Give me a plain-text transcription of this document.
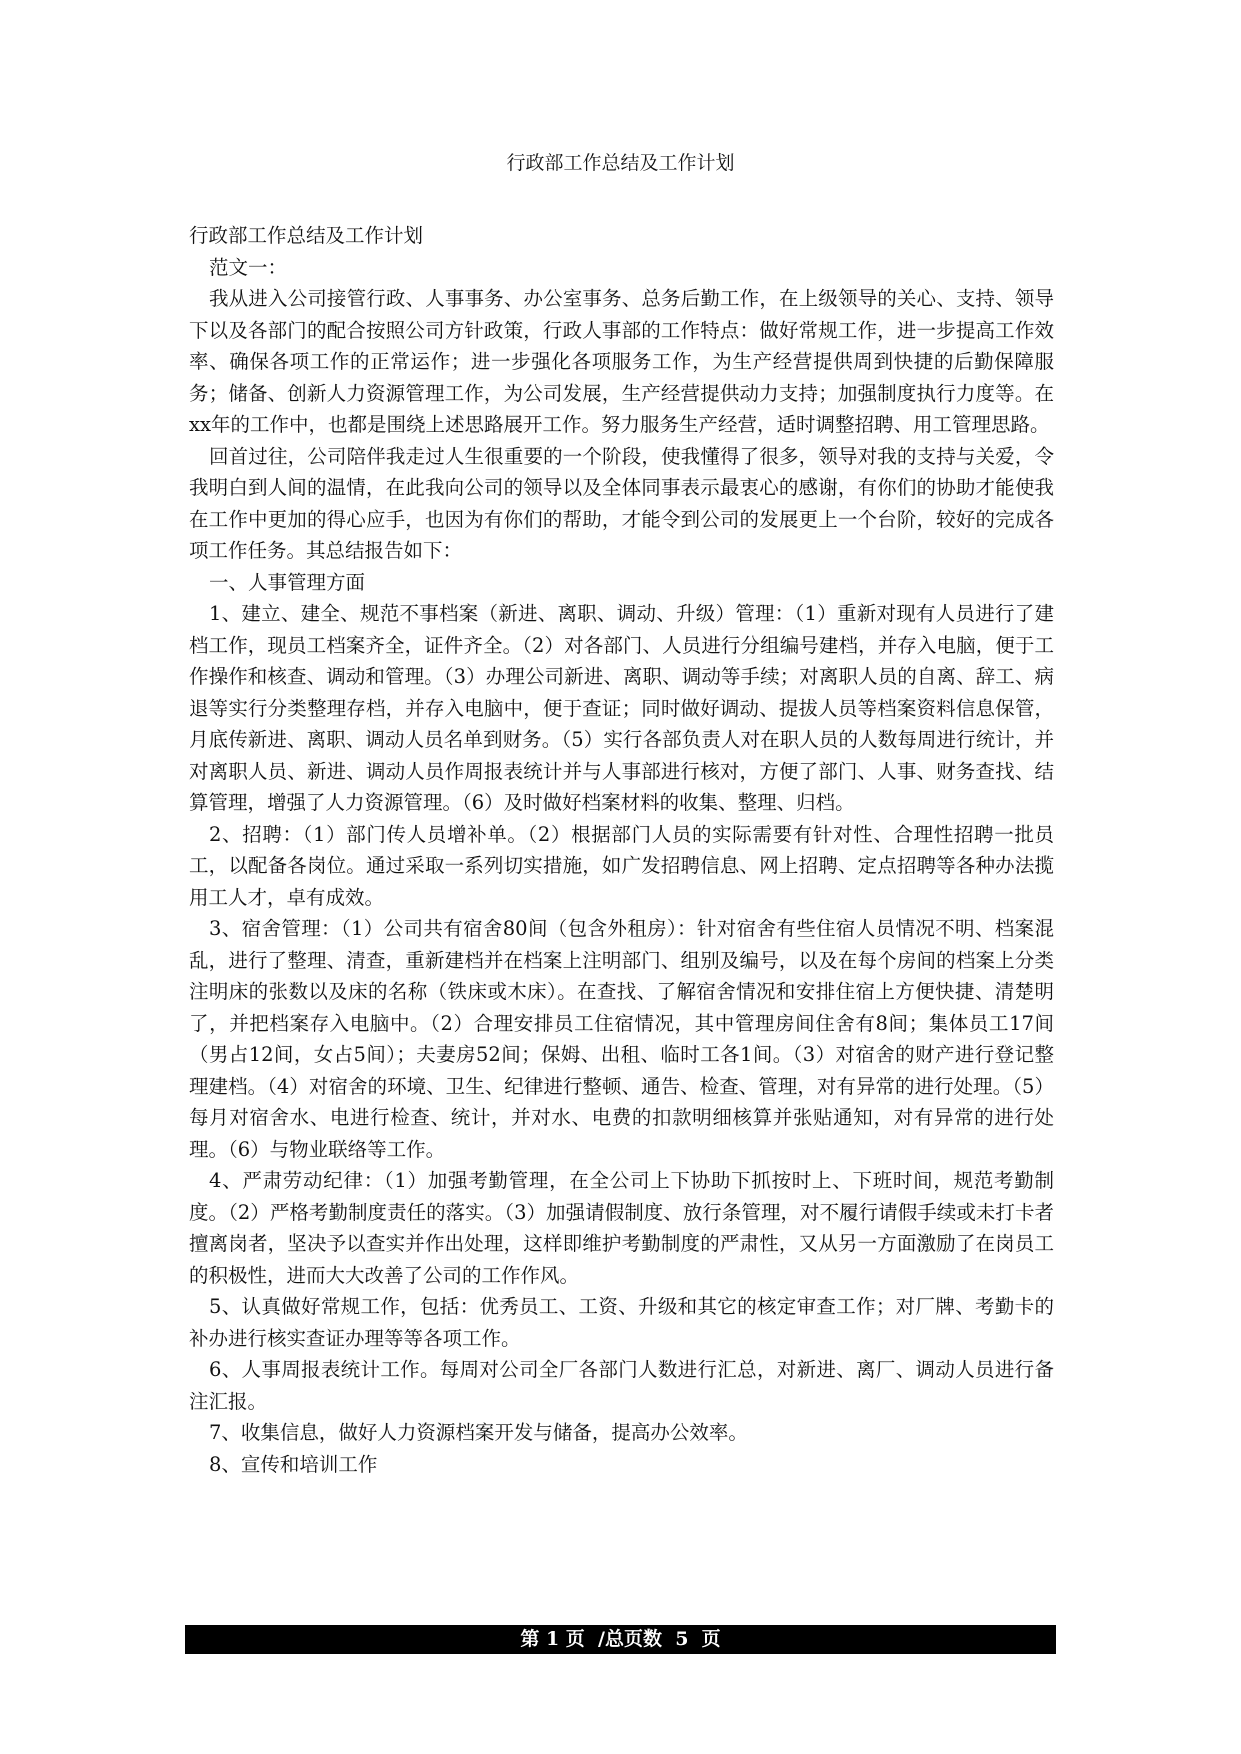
行政部工作总结及工作计划

行政部工作总结及工作计划

范文一：

我从进入公司接管行政、人事事务、办公室事务、总务后勤工作，在上级领导的关心、支持、领导下以及各部门的配合按照公司方针政策，行政人事部的工作特点：做好常规工作，进一步提高工作效率、确保各项工作的正常运作；进一步强化各项服务工作，为生产经营提供周到快捷的后勤保障服务；储备、创新人力资源管理工作，为公司发展，生产经营提供动力支持；加强制度执行力度等。在xx年的工作中，也都是围绕上述思路展开工作。努力服务生产经营，适时调整招聘、用工管理思路。

回首过往，公司陪伴我走过人生很重要的一个阶段，使我懂得了很多，领导对我的支持与关爱，令我明白到人间的温情，在此我向公司的领导以及全体同事表示最衷心的感谢，有你们的协助才能使我在工作中更加的得心应手，也因为有你们的帮助，才能令到公司的发展更上一个台阶，较好的完成各项工作任务。其总结报告如下：

一、人事管理方面

1、建立、建全、规范不事档案（新进、离职、调动、升级）管理：（1）重新对现有人员进行了建档工作，现员工档案齐全，证件齐全。（2）对各部门、人员进行分组编号建档，并存入电脑，便于工作操作和核查、调动和管理。（3）办理公司新进、离职、调动等手续；对离职人员的自离、辞工、病退等实行分类整理存档，并存入电脑中，便于查证；同时做好调动、提拔人员等档案资料信息保管，月底传新进、离职、调动人员名单到财务。（5）实行各部负责人对在职人员的人数每周进行统计，并对离职人员、新进、调动人员作周报表统计并与人事部进行核对，方便了部门、人事、财务查找、结算管理，增强了人力资源管理。（6）及时做好档案材料的收集、整理、归档。

2、招聘：（1）部门传人员增补单。（2）根据部门人员的实际需要有针对性、合理性招聘一批员工，以配备各岗位。通过采取一系列切实措施，如广发招聘信息、网上招聘、定点招聘等各种办法揽用工人才，卓有成效。

3、宿舍管理：（1）公司共有宿舍80间（包含外租房）：针对宿舍有些住宿人员情况不明、档案混乱，进行了整理、清查，重新建档并在档案上注明部门、组别及编号，以及在每个房间的档案上分类注明床的张数以及床的名称（铁床或木床）。在查找、了解宿舍情况和安排住宿上方便快捷、清楚明了，并把档案存入电脑中。（2）合理安排员工住宿情况，其中管理房间住舍有8间；集体员工17间（男占12间，女占5间）；夫妻房52间；保姆、出租、临时工各1间。（3）对宿舍的财产进行登记整理建档。（4）对宿舍的环境、卫生、纪律进行整顿、通告、检查、管理，对有异常的进行处理。（5）每月对宿舍水、电进行检查、统计，并对水、电费的扣款明细核算并张贴通知，对有异常的进行处理。（6）与物业联络等工作。

4、严肃劳动纪律：（1）加强考勤管理，在全公司上下协助下抓按时上、下班时间，规范考勤制度。（2）严格考勤制度责任的落实。（3）加强请假制度、放行条管理，对不履行请假手续或未打卡者擅离岗者，坚决予以查实并作出处理，这样即维护考勤制度的严肃性，又从另一方面激励了在岗员工的积极性，进而大大改善了公司的工作作风。

5、认真做好常规工作，包括：优秀员工、工资、升级和其它的核定审查工作；对厂牌、考勤卡的补办进行核实查证办理等等各项工作。

6、人事周报表统计工作。每周对公司全厂各部门人数进行汇总，对新进、离厂、调动人员进行备注汇报。

7、收集信息，做好人力资源档案开发与储备，提高办公效率。

8、宣传和培训工作

第 1 页  /总页数  5  页
